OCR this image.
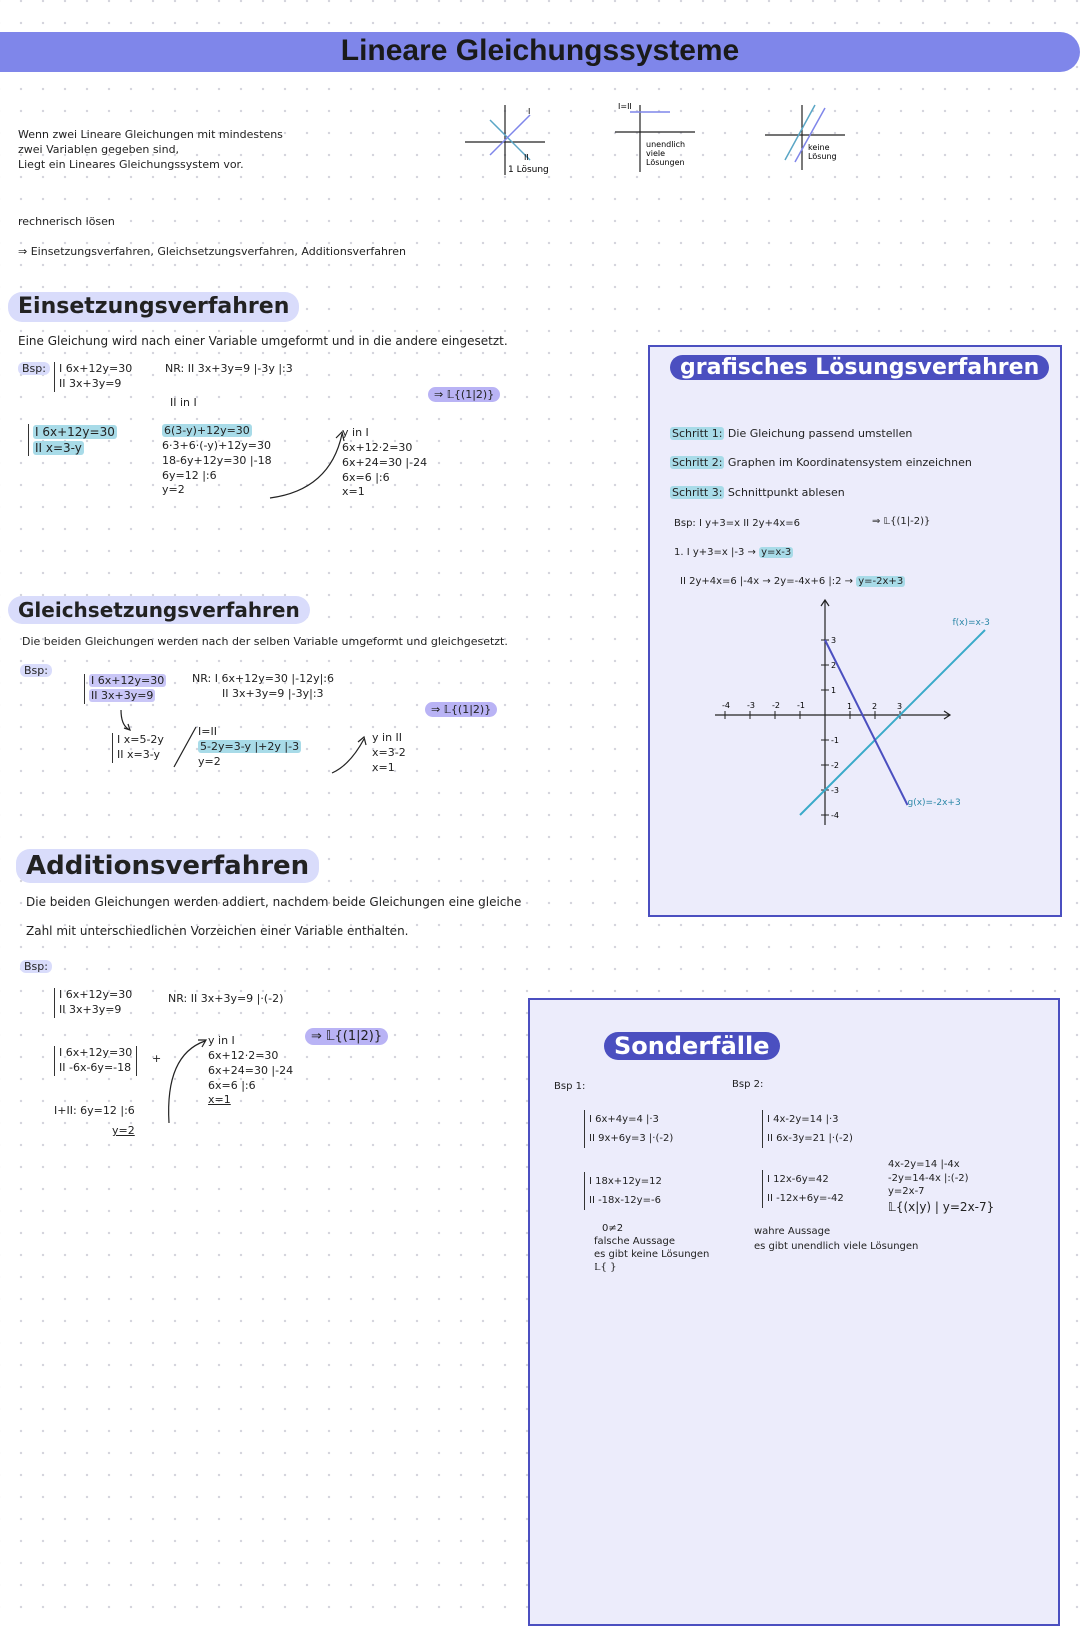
Lineare Gleichungssysteme
Wenn zwei Lineare Gleichungen mit mindestens
zwei Variablen gegeben sind,
Liegt ein Lineares Gleichungssystem vor.
I
II
1 Lösung
I=II
unendlich
viele
Lösungen
keine
Lösung
rechnerisch lösen
⇒ Einsetzungsverfahren, Gleichsetzungsverfahren, Additionsverfahren
Einsetzungsverfahren
Eine Gleichung wird nach einer Variable umgeformt und in die andere eingesetzt.
Bsp:	I 6x+12y=30
II 3x+3y=9
NR: II 3x+3y=9 |-3y |:3
II in I
⇒ 𝕃{(1|2)}
I 6x+12y=30
II x=3-y
6(3-y)+12y=30
6·3+6·(-y)+12y=30
18-6y+12y=30 |-18
6y=12 |:6
y=2
y in I
6x+12·2=30
6x+24=30 |-24
6x=6 |:6
x=1
Gleichsetzungsverfahren
Die beiden Gleichungen werden nach der selben Variable umgeformt und gleichgesetzt.
Bsp:
I 6x+12y=30
II 3x+3y=9
NR: I 6x+12y=30 |-12y|:6
II 3x+3y=9 |-3y|:3
⇒ 𝕃{(1|2)}
I x=5-2y
II x=3-y
I=II
5-2y=3-y |+2y |-3
y=2
y in II
x=3-2
x=1
Additionsverfahren
Die beiden Gleichungen werden addiert, nachdem beide Gleichungen eine gleiche
Zahl mit unterschiedlichen Vorzeichen einer Variable enthalten.
Bsp:
I 6x+12y=30
II 3x+3y=9
NR: II 3x+3y=9 |·(-2)
⇒ 𝕃{(1|2)}
I 6x+12y=30
II -6x-6y=-18
+
I+II: 6y=12 |:6
y=2
y in I
6x+12·2=30
6x+24=30 |-24
6x=6 |:6
x=1
grafisches Lösungsverfahren
Schritt 1: Die Gleichung passend umstellen
Schritt 2: Graphen im Koordinatensystem einzeichnen
Schritt 3: Schnittpunkt ablesen
Bsp: I y+3=x II 2y+4x=6	⇒ 𝕃{(1|-2)}
1. I y+3=x |-3 → y=x-3
II 2y+4x=6 |-4x → 2y=-4x+6 |:2 → y=-2x+3
-4 -3 -2 -1	1 2 3
3
2
1
-1
-2
-3
-4
f(x)=x-3
g(x)=-2x+3
Sonderfälle
Bsp 1:	Bsp 2:
I 6x+4y=4 |·3
II 9x+6y=3 |·(-2)
I 18x+12y=12
II -18x-12y=-6
0≠2
falsche Aussage
es gibt keine Lösungen
𝕃{ }
I 4x-2y=14 |·3
II 6x-3y=21 |·(-2)
I 12x-6y=42
II -12x+6y=-42
wahre Aussage
es gibt unendlich viele Lösungen
4x-2y=14 |-4x
-2y=14-4x |:(-2)
y=2x-7
𝕃{(x|y) | y=2x-7}
